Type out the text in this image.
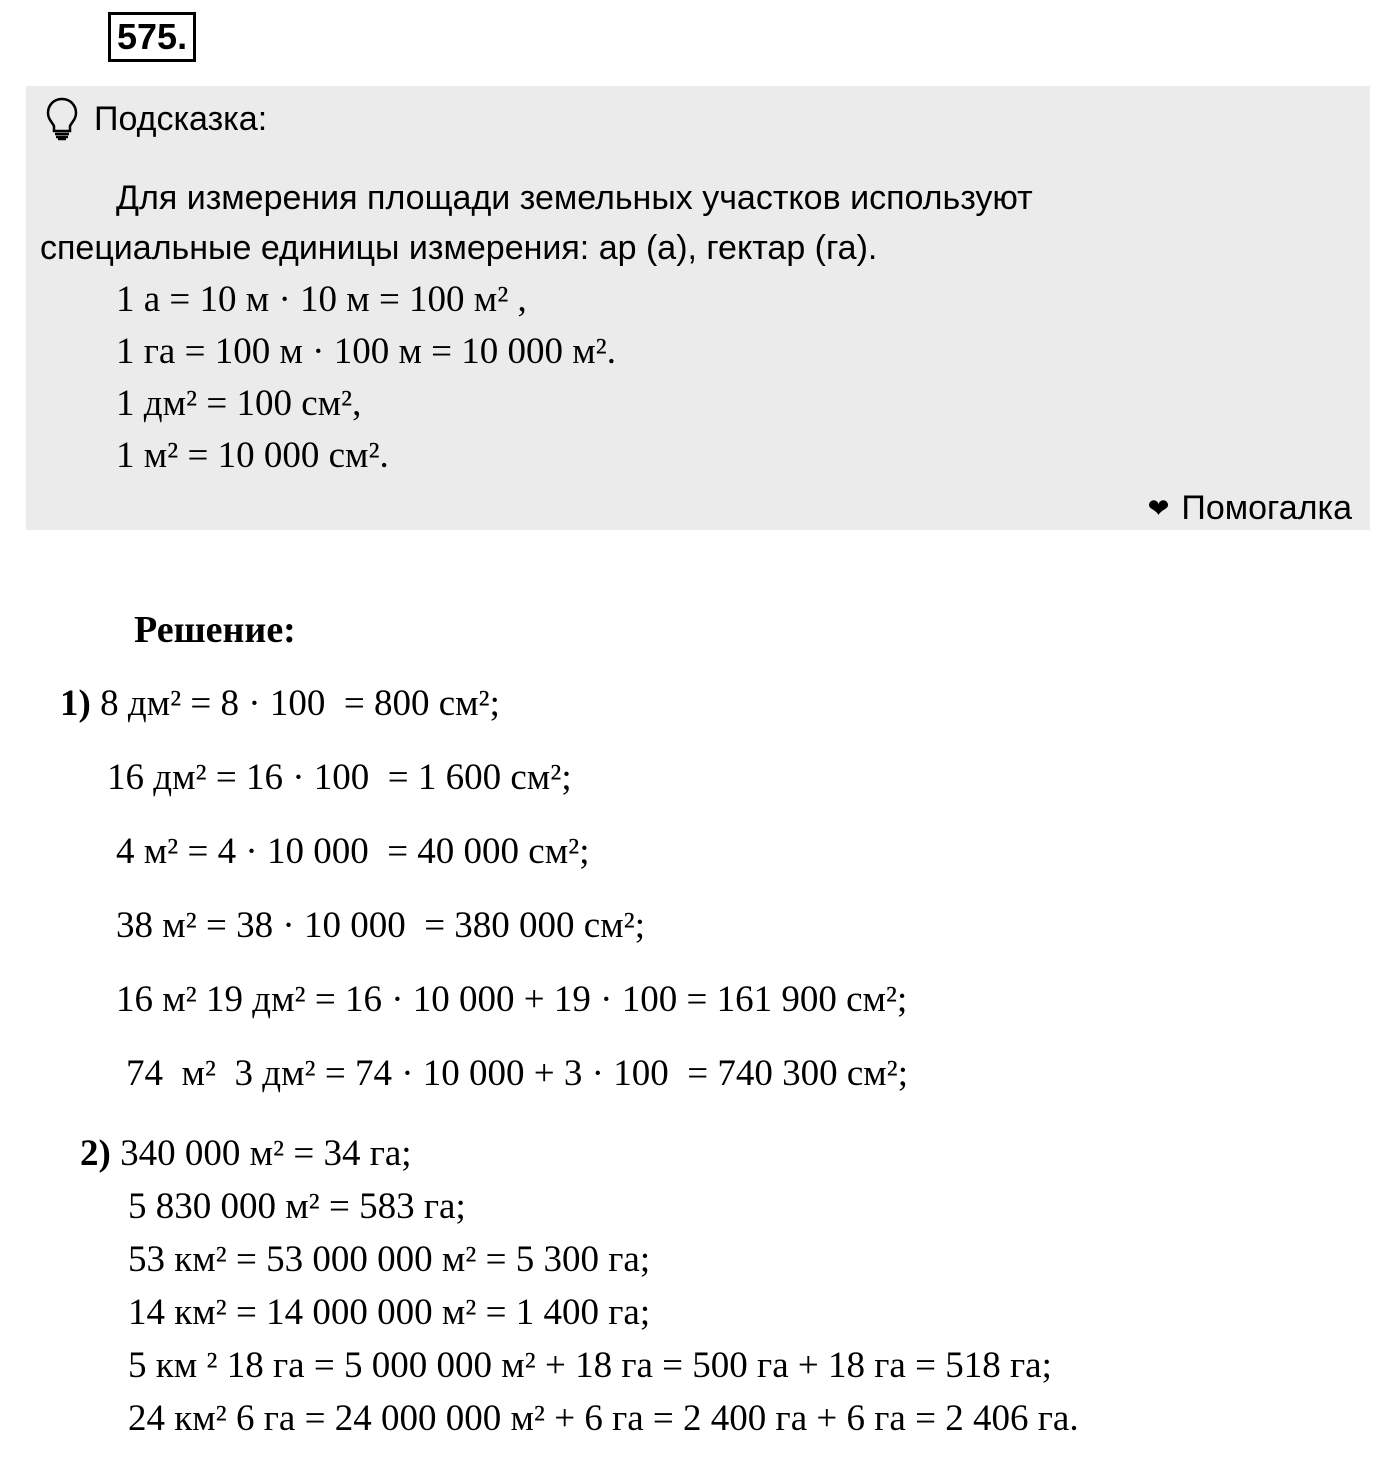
575.
Подсказка:
Для измерения площади земельных участков используют
специальные единицы измерения: ар (а), гектар (га).
1 а = 10 м · 10 м = 100 м² ,
1 га = 100 м · 100 м = 10 000 м².
1 дм² = 100 см²,
1 м² = 10 000 см².
❤ Помогалка
Решение:
1) 8 дм² = 8 · 100  = 800 см²;
16 дм² = 16 · 100  = 1 600 см²;
4 м² = 4 · 10 000  = 40 000 см²;
38 м² = 38 · 10 000  = 380 000 см²;
16 м² 19 дм² = 16 · 10 000 + 19 · 100 = 161 900 см²;
74  м²  3 дм² = 74 · 10 000 + 3 · 100  = 740 300 см²;
2) 340 000 м² = 34 га;
5 830 000 м² = 583 га;
53 км² = 53 000 000 м² = 5 300 га;
14 км² = 14 000 000 м² = 1 400 га;
5 км ² 18 га = 5 000 000 м² + 18 га = 500 га + 18 га = 518 га;
24 км² 6 га = 24 000 000 м² + 6 га = 2 400 га + 6 га = 2 406 га.
